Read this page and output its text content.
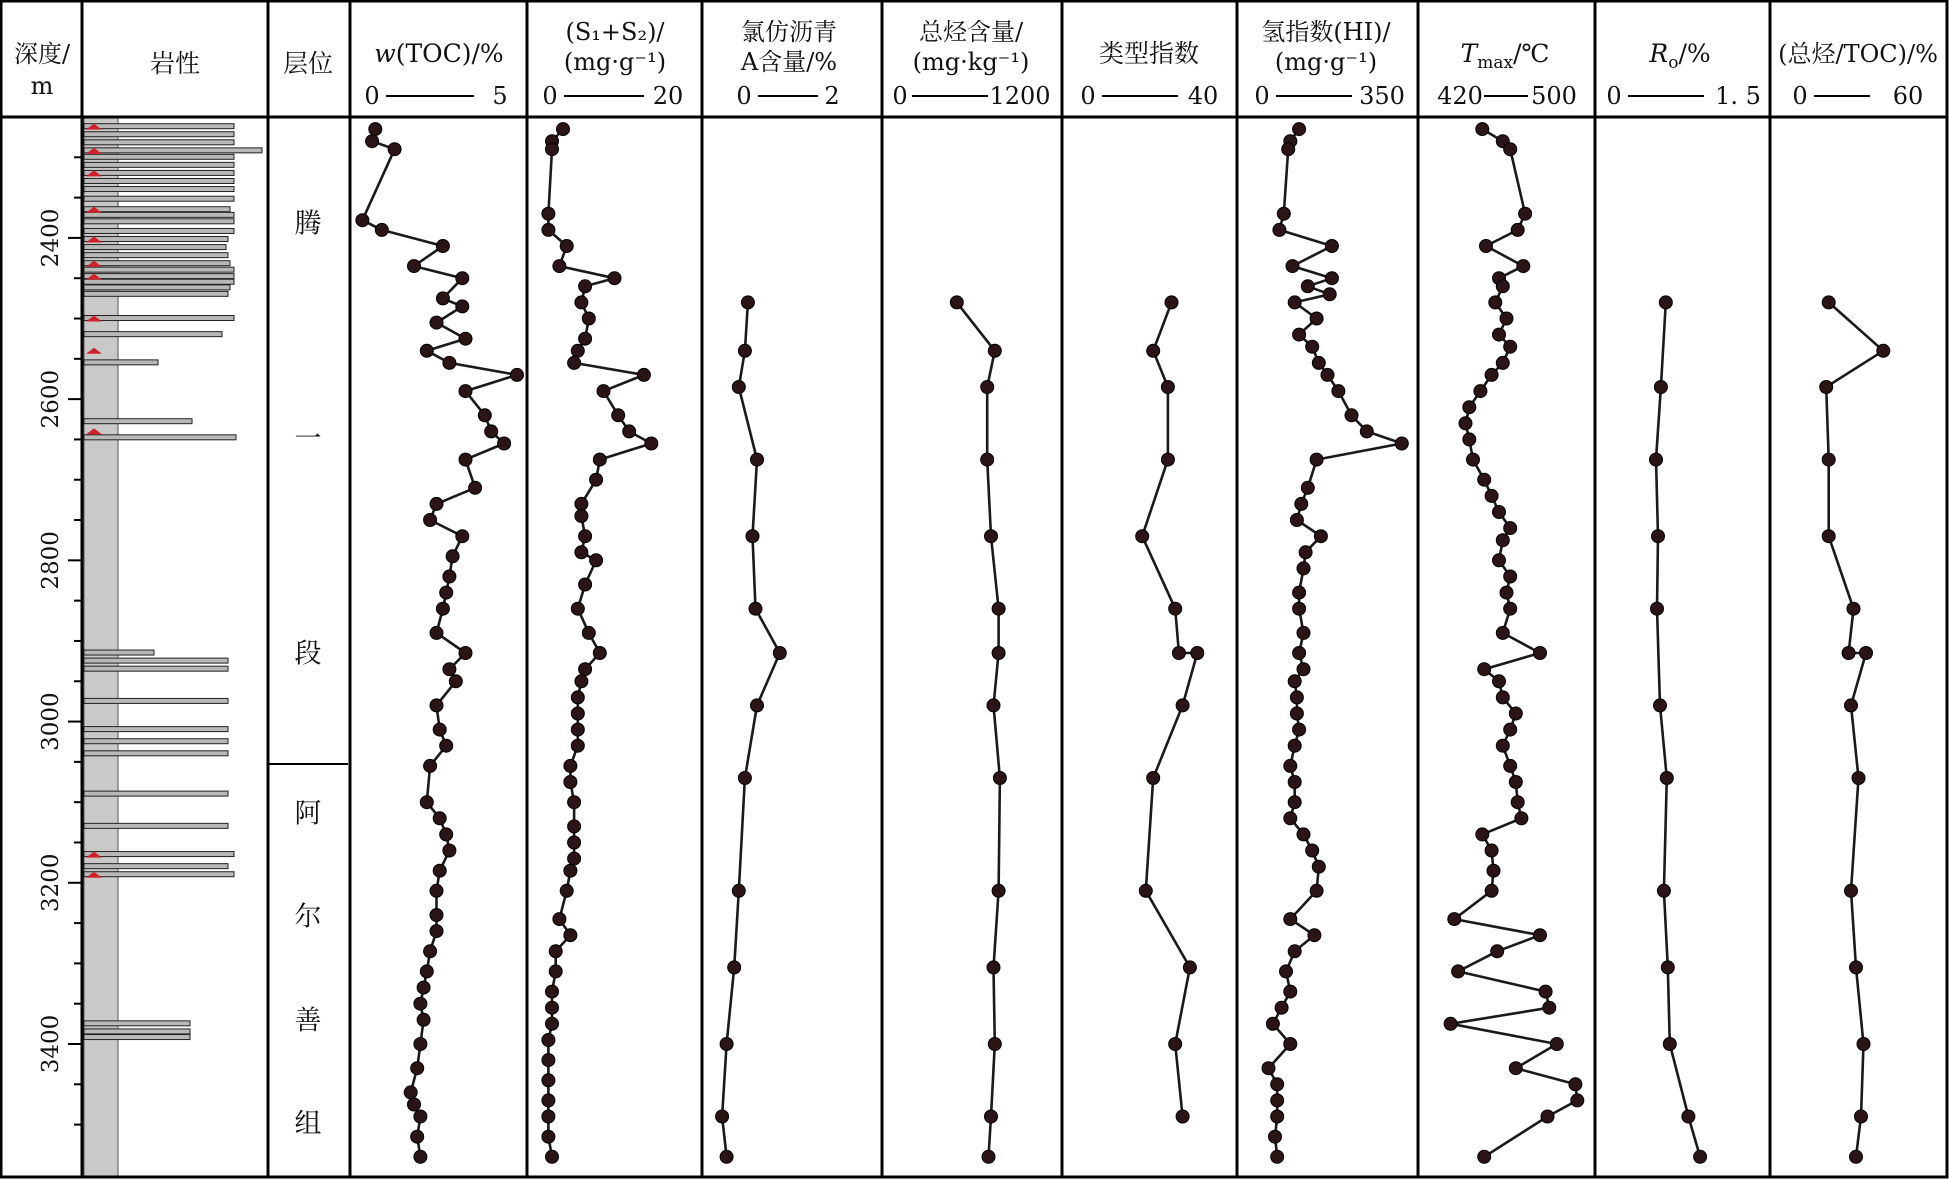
深度/
m
岩性	层位 w(TOC)/%
0	5
(S₁+S₂)/
(mg·g⁻¹)
0	20
氯仿沥青
A含量/%
0	2
总烃含量/
(mg·kg⁻¹)
0	1200
类型指数
0	40
氢指数(HI)/
(mg·g⁻¹)
0	350
$T_{max}/℃$
420 500
$R_o/\%$
0	1. 5
(总烃/TOC)/%
0	60
2400
2600
2800
3000
3200
3400
腾
一
段
阿
尔
善
组
